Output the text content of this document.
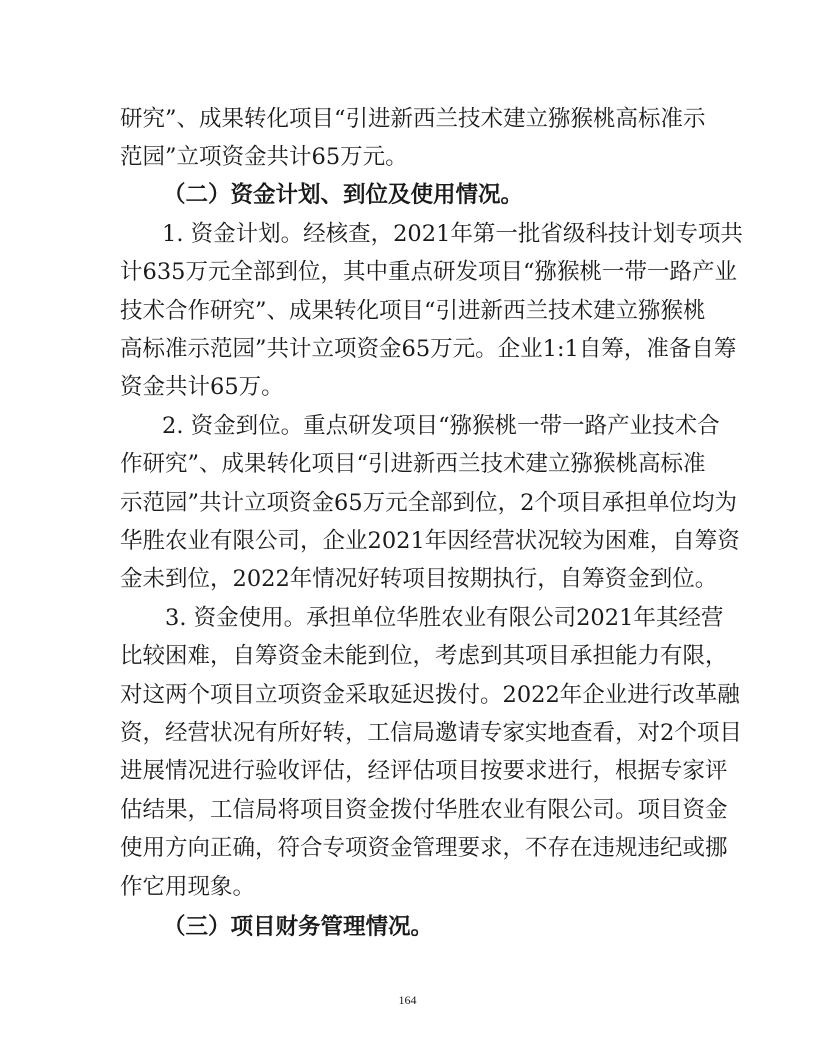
研究”、成果转化项目“引进新西兰技术建立猕猴桃高标准示
范园”立项资金共计65万元。
（二）资金计划、到位及使用情况。
1. 资金计划。经核查，2021年第一批省级科技计划专项共
计635万元全部到位，其中重点研发项目“猕猴桃一带一路产业
技术合作研究”、成果转化项目“引进新西兰技术建立猕猴桃
高标准示范园”共计立项资金65万元。企业1:1自筹，准备自筹
资金共计65万。
2. 资金到位。重点研发项目“猕猴桃一带一路产业技术合
作研究”、成果转化项目“引进新西兰技术建立猕猴桃高标准
示范园”共计立项资金65万元全部到位，2个项目承担单位均为
华胜农业有限公司，企业2021年因经营状况较为困难，自筹资
金未到位，2022年情况好转项目按期执行，自筹资金到位。
3. 资金使用。承担单位华胜农业有限公司2021年其经营
比较困难，自筹资金未能到位，考虑到其项目承担能力有限，
对这两个项目立项资金采取延迟拨付。2022年企业进行改革融
资，经营状况有所好转，工信局邀请专家实地查看，对2个项目
进展情况进行验收评估，经评估项目按要求进行，根据专家评
估结果，工信局将项目资金拨付华胜农业有限公司。项目资金
使用方向正确，符合专项资金管理要求，不存在违规违纪或挪
作它用现象。
（三）项目财务管理情况。
164
